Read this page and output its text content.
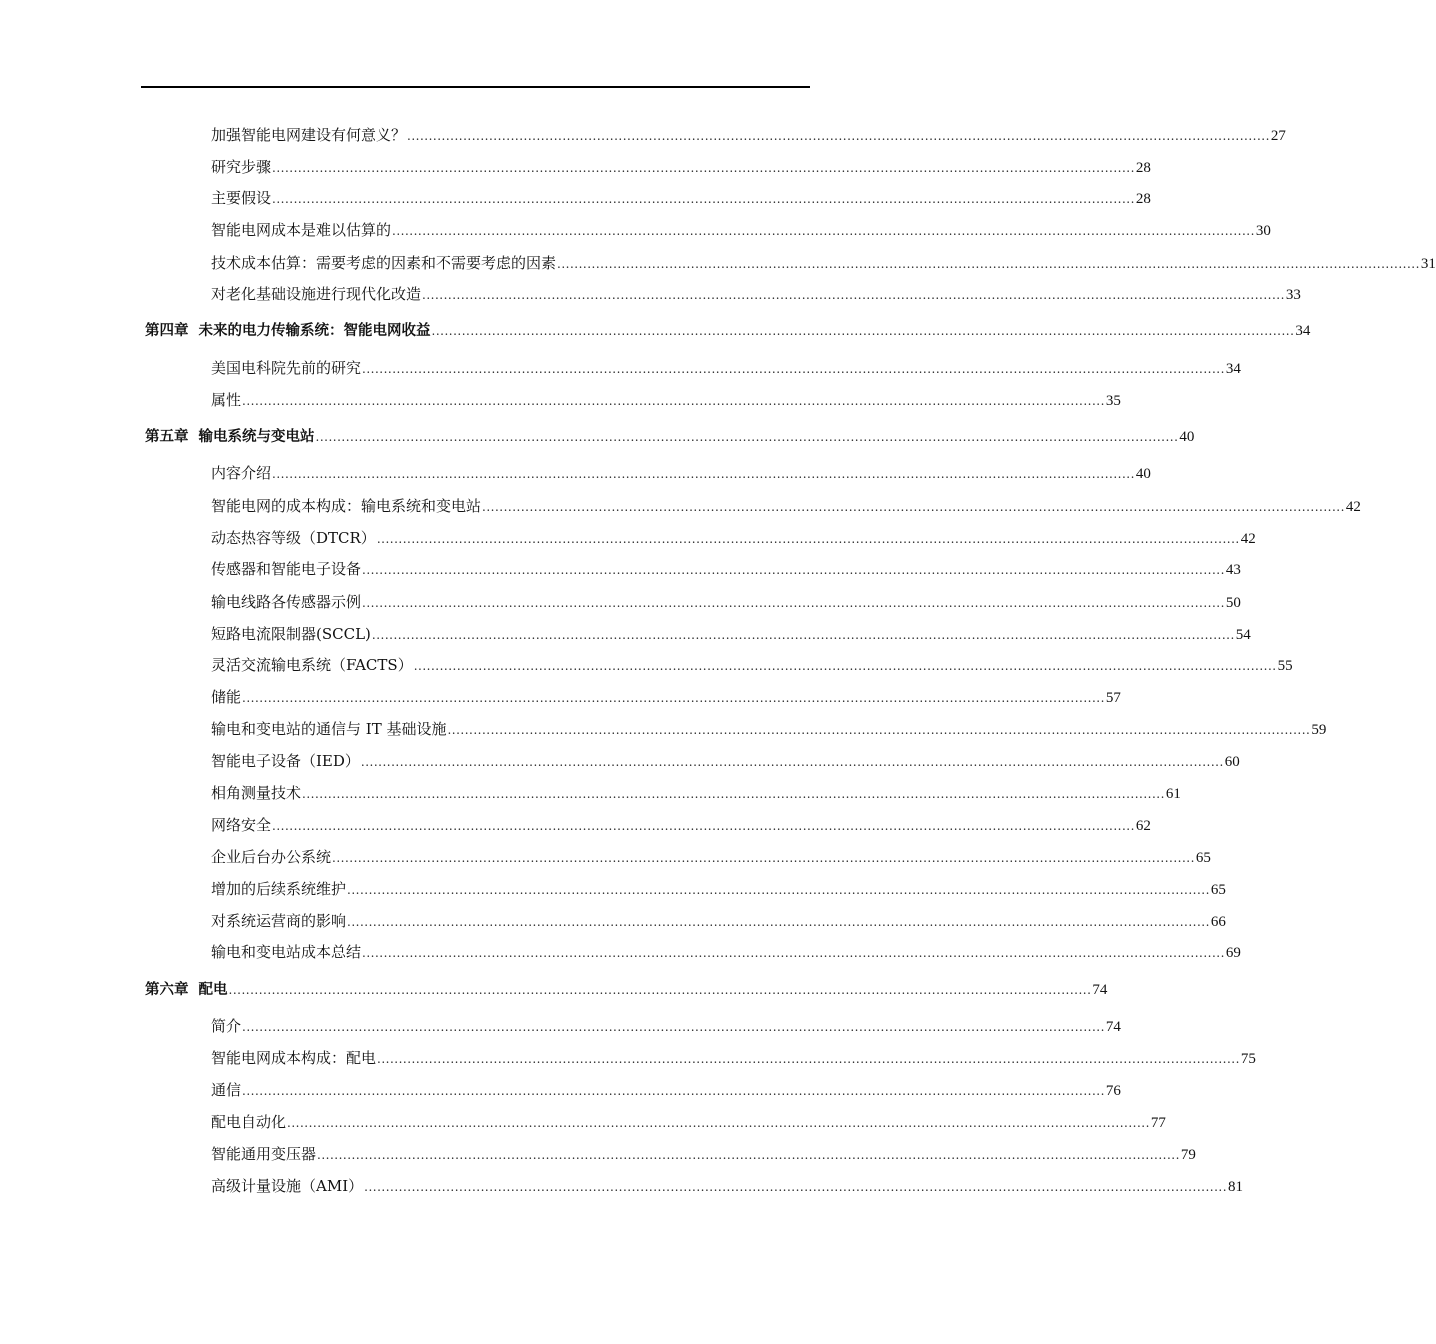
加强智能电网建设有何意义？ ........................................................................................................................................................................................................ 27
研究步骤 ........................................................................................................................................................................................................ 28
主要假设 ........................................................................................................................................................................................................ 28
智能电网成本是难以估算的 ........................................................................................................................................................................................................ 30
技术成本估算：需要考虑的因素和不需要考虑的因素 ........................................................................................................................................................................................................ 31
对老化基础设施进行现代化改造 ........................................................................................................................................................................................................ 33
第四章 未来的电力传输系统：智能电网收益 ........................................................................................................................................................................................................ 34
美国电科院先前的研究 ........................................................................................................................................................................................................ 34
属性 ........................................................................................................................................................................................................ 35
第五章 输电系统与变电站 ........................................................................................................................................................................................................ 40
内容介绍 ........................................................................................................................................................................................................ 40
智能电网的成本构成：输电系统和变电站 ........................................................................................................................................................................................................ 42
动态热容等级（DTCR） ........................................................................................................................................................................................................ 42
传感器和智能电子设备 ........................................................................................................................................................................................................ 43
输电线路各传感器示例 ........................................................................................................................................................................................................ 50
短路电流限制器(SCCL) ........................................................................................................................................................................................................ 54
灵活交流输电系统（FACTS） ........................................................................................................................................................................................................ 55
储能 ........................................................................................................................................................................................................ 57
输电和变电站的通信与 IT 基础设施 ........................................................................................................................................................................................................ 59
智能电子设备（IED） ........................................................................................................................................................................................................ 60
相角测量技术 ........................................................................................................................................................................................................ 61
网络安全 ........................................................................................................................................................................................................ 62
企业后台办公系统 ........................................................................................................................................................................................................ 65
增加的后续系统维护 ........................................................................................................................................................................................................ 65
对系统运营商的影响 ........................................................................................................................................................................................................ 66
输电和变电站成本总结 ........................................................................................................................................................................................................ 69
第六章 配电 ........................................................................................................................................................................................................ 74
简介 ........................................................................................................................................................................................................ 74
智能电网成本构成：配电 ........................................................................................................................................................................................................ 75
通信 ........................................................................................................................................................................................................ 76
配电自动化 ........................................................................................................................................................................................................ 77
智能通用变压器 ........................................................................................................................................................................................................ 79
高级计量设施（AMI） ........................................................................................................................................................................................................ 81
